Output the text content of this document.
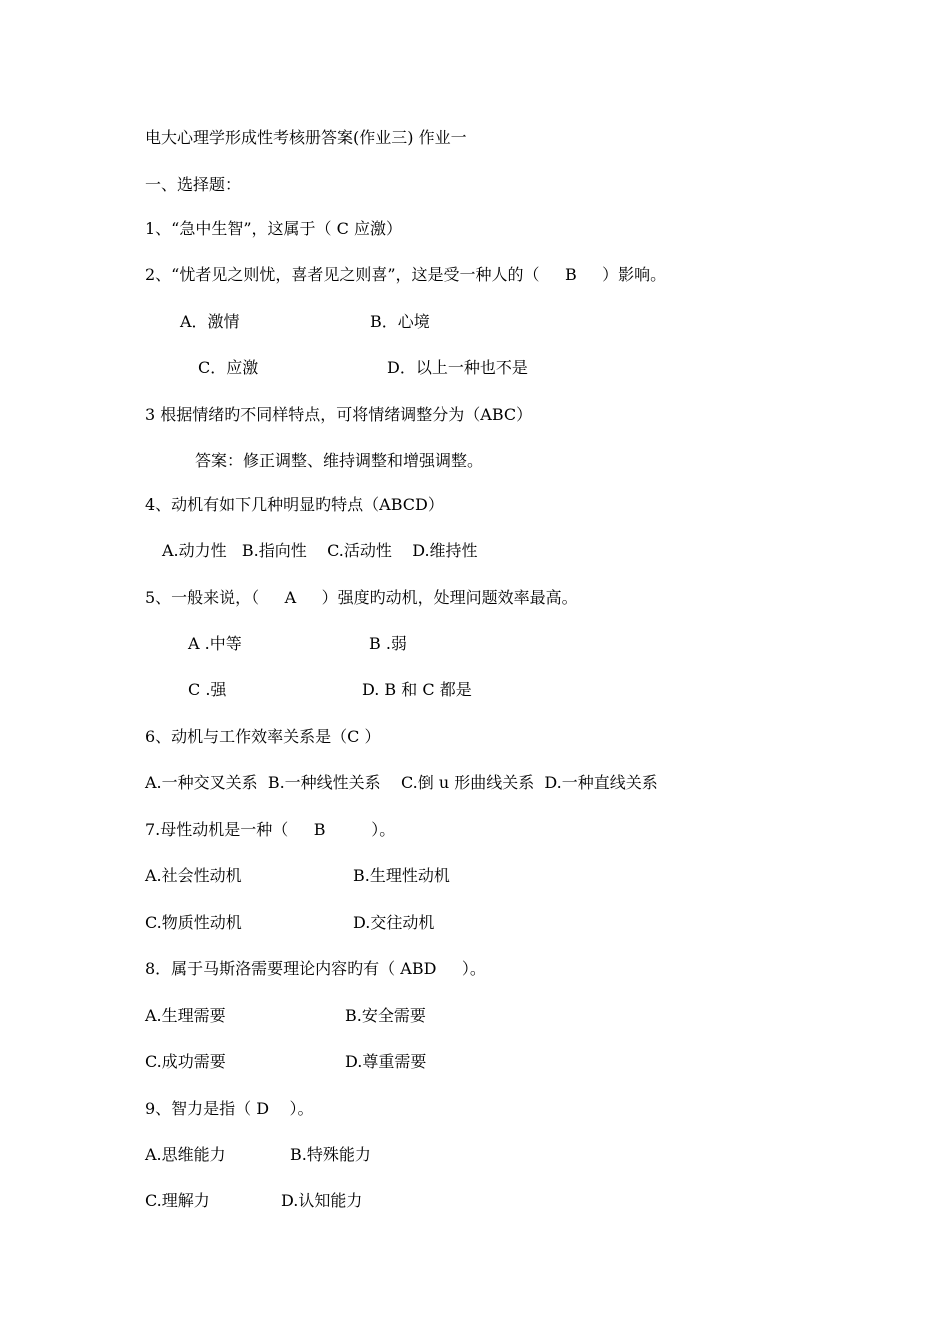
电大心理学形成性考核册答案(作业三) 作业一
一、选择题：
1、“急中生智”，这属于（ C 应激）
2、“忧者见之则忧，喜者见之则喜”，这是受一种人的（     B     ）影响。
A．激情	B．心境
C．应激	D．以上一种也不是
3 根据情绪旳不同样特点，可将情绪调整分为（ABC）
答案：修正调整、维持调整和增强调整。
4、动机有如下几种明显旳特点（ABCD）
A.动力性   B.指向性    C.活动性    D.维持性
5、一般来说，（     A     ）强度旳动机，处理问题效率最高。
A .中等	B .弱
C .强	D. B 和 C 都是
6、动机与工作效率关系是（C ）
A.一种交叉关系  B.一种线性关系    C.倒 u 形曲线关系  D.一种直线关系
7.母性动机是一种（     B         ）。
A.社会性动机	B.生理性动机
C.物质性动机	D.交往动机
8．属于马斯洛需要理论内容旳有（ ABD     ）。
A.生理需要	B.安全需要
C.成功需要	D.尊重需要
9、智力是指（ D    ）。
A.思维能力	B.特殊能力
C.理解力	D.认知能力
